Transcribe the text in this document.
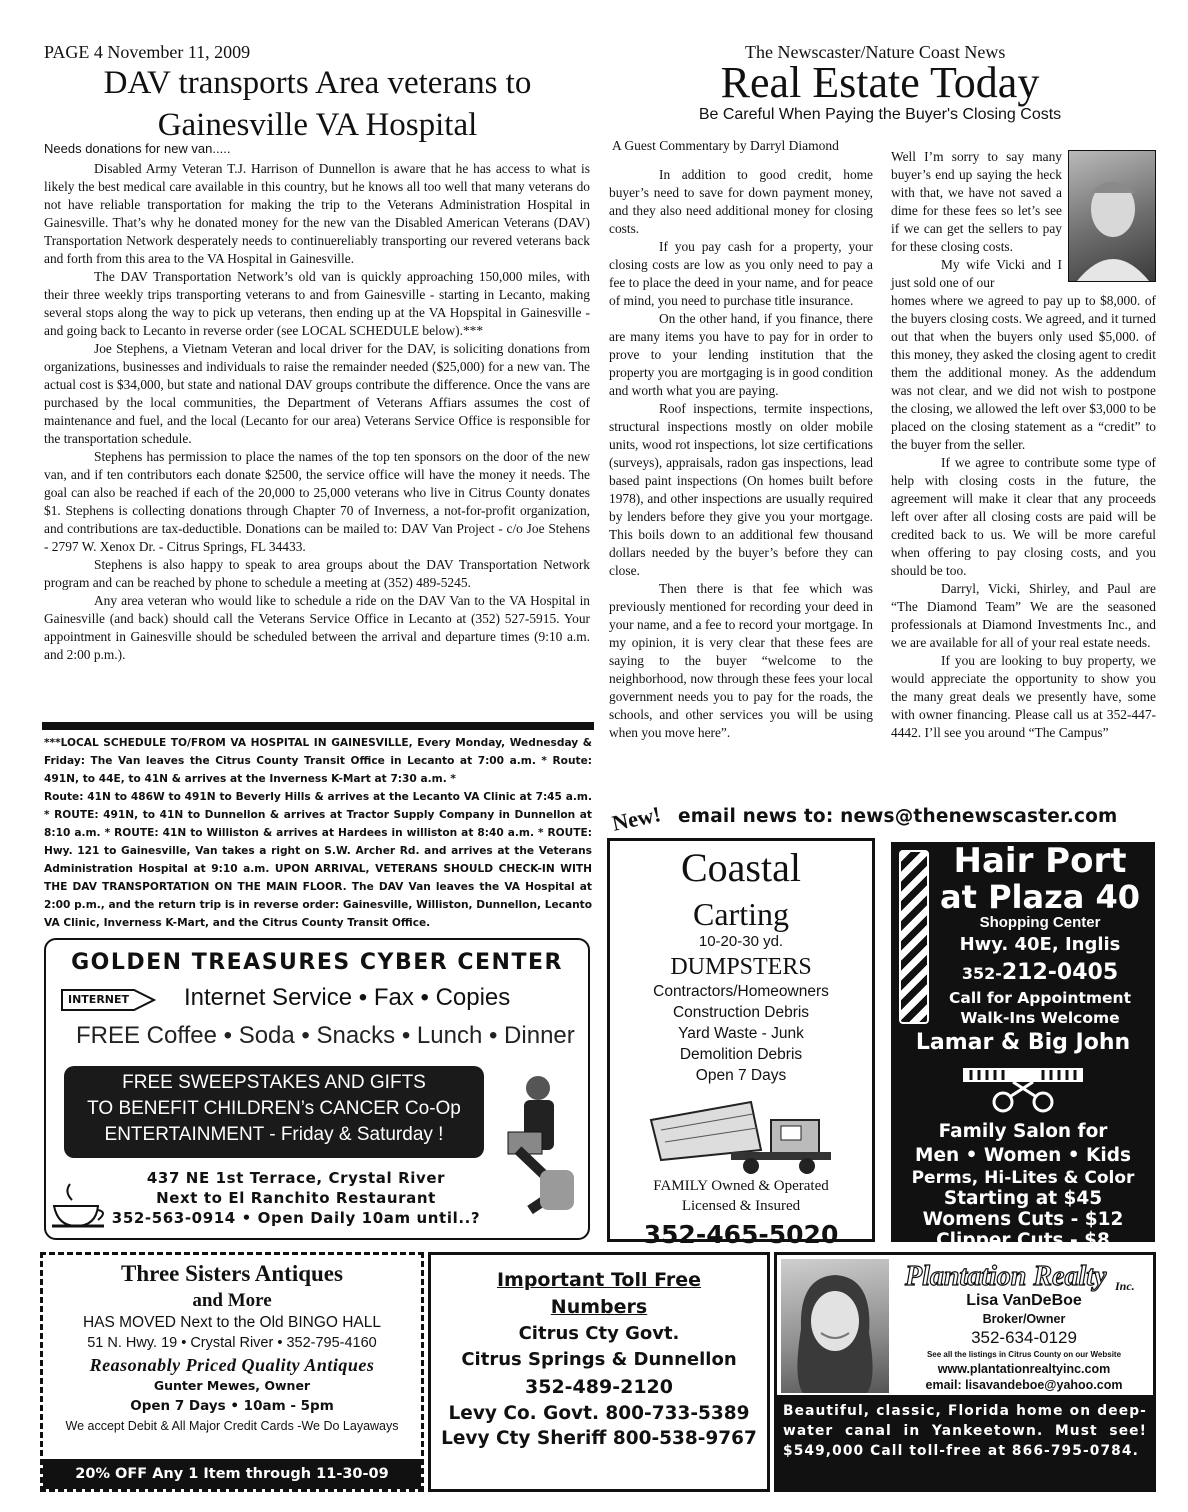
PAGE 4 November 11, 2009
DAV transports Area veterans to
Gainesville VA Hospital
Needs donations for new van.....

Disabled Army Veteran T.J. Harrison of Dunnellon is aware that he has access to what is likely the best medical care available in this country, but he knows all too well that many veterans do not have reliable transportation for making the trip to the Veterans Administration Hospital in Gainesville. That’s why he donated money for the new van the Disabled American Veterans (DAV) Transportation Network desperately needs to continuereliably transporting our revered veterans back and forth from this area to the VA Hospital in Gainesville.

The DAV Transportation Network’s old van is quickly approaching 150,000 miles, with their three weekly trips transporting veterans to and from Gainesville - starting in Lecanto, making several stops along the way to pick up veterans, then ending up at the VA Hopspital in Gainesville - and going back to Lecanto in reverse order (see LOCAL SCHEDULE below).***

Joe Stephens, a Vietnam Veteran and local driver for the DAV, is soliciting donations from organizations, businesses and individuals to raise the remainder needed ($25,000) for a new van. The actual cost is $34,000, but state and national DAV groups contribute the difference. Once the vans are purchased by the local communities, the Department of Veterans Affiars assumes the cost of maintenance and fuel, and the local (Lecanto for our area) Veterans Service Office is responsible for the transportation schedule.

Stephens has permission to place the names of the top ten sponsors on the door of the new van, and if ten contributors each donate $2500, the service office will have the money it needs. The goal can also be reached if each of the 20,000 to 25,000 veterans who live in Citrus County donates $1. Stephens is collecting donations through Chapter 70 of Inverness, a not-for-profit organization, and contributions are tax-deductible. Donations can be mailed to: DAV Van Project - c/o Joe Stehens - 2797 W. Xenox Dr. - Citrus Springs, FL 34433.

Stephens is also happy to speak to area groups about the DAV Transportation Network program and can be reached by phone to schedule a meeting at (352) 489-5245.

Any area veteran who would like to schedule a ride on the DAV Van to the VA Hospital in Gainesville (and back) should call the Veterans Service Office in Lecanto at (352) 527-5915. Your appointment in Gainesville should be scheduled between the arrival and departure times (9:10 a.m. and 2:00 p.m.).

***LOCAL SCHEDULE TO/FROM VA HOSPITAL IN GAINESVILLE, Every Monday, Wednesday & Friday: The Van leaves the Citrus County Transit Office in Lecanto at 7:00 a.m. * Route: 491N, to 44E, to 41N & arrives at the Inverness K-Mart at 7:30 a.m. *
Route: 41N to 486W to 491N to Beverly Hills & arrives at the Lecanto VA Clinic at 7:45 a.m. * ROUTE: 491N, to 41N to Dunnellon & arrives at Tractor Supply Company in Dunnellon at 8:10 a.m. * ROUTE: 41N to Williston & arrives at Hardees in williston at 8:40 a.m. * ROUTE: Hwy. 121 to Gainesville, Van takes a right on S.W. Archer Rd. and arrives at the Veterans Administration Hospital at 9:10 a.m. UPON ARRIVAL, VETERANS SHOULD CHECK-IN WITH THE DAV TRANSPORTATION ON THE MAIN FLOOR. The DAV Van leaves the VA Hospital at 2:00 p.m., and the return trip is in reverse order: Gainesville, Williston, Dunnellon, Lecanto VA Clinic, Inverness K-Mart, and the Citrus County Transit Office.
The Newscaster/Nature Coast News
Real Estate Today
Be Careful When Paying the Buyer's Closing Costs
A Guest Commentary by Darryl Diamond

In addition to good credit, home buyer’s need to save for down payment money, and they also need additional money for closing costs.

If you pay cash for a property, your closing costs are low as you only need to pay a fee to place the deed in your name, and for peace of mind, you need to purchase title insurance.

On the other hand, if you finance, there are many items you have to pay for in order to prove to your lending institution that the property you are mortgaging is in good condition and worth what you are paying.

Roof inspections, termite inspections, structural inspections mostly on older mobile units, wood rot inspections, lot size certifications (surveys), appraisals, radon gas inspections, lead based paint inspections (On homes built before 1978), and other inspections are usually required by lenders before they give you your mortgage. This boils down to an additional few thousand dollars needed by the buyer’s before they can close.

Then there is that fee which was previously mentioned for recording your deed in your name, and a fee to record your mortgage. In my opinion, it is very clear that these fees are saying to the buyer “welcome to the neighborhood, now through these fees your local government needs you to pay for the roads, the schools, and other services you will be using when you move here”.

Well I’m sorry to say many buyer’s end up saying the heck with that, we have not saved a dime for these fees so let’s see if we can get the sellers to pay for these closing costs.

My wife Vicki and I just sold one of our

homes where we agreed to pay up to $8,000. of the buyers closing costs. We agreed, and it turned out that when the buyers only used $5,000. of this money, they asked the closing agent to credit them the additional money. As the addendum was not clear, and we did not wish to postpone the closing, we allowed the left over $3,000 to be placed on the closing statement as a “credit” to the buyer from the seller.

If we agree to contribute some type of help with closing costs in the future, the agreement will make it clear that any proceeds left over after all closing costs are paid will be credited back to us. We will be more careful when offering to pay closing costs, and you should be too.

Darryl, Vicki, Shirley, and Paul are “The Diamond Team” We are the seasoned professionals at Diamond Investments Inc., and we are available for all of your real estate needs.

If you are looking to buy property, we would appreciate the opportunity to show you the many great deals we presently have, some with owner financing. Please call us at 352-447-4442. I’ll see you around “The Campus”

New! email news to: news@thenewscaster.com
GOLDEN TREASURES CYBER CENTER
INTERNET Internet Service • Fax • Copies
FREE Coffee • Soda • Snacks • Lunch • Dinner
FREE SWEEPSTAKES AND GIFTS
TO BENEFIT CHILDREN’s CANCER Co-Op
ENTERTAINMENT - Friday & Saturday !
437 NE 1st Terrace, Crystal River
Next to El Ranchito Restaurant
352-563-0914 • Open Daily 10am until..?
Coastal
Carting
10-20-30 yd.
DUMPSTERS
Contractors/Homeowners
Construction Debris
Yard Waste - Junk
Demolition Debris
Open 7 Days
FAMILY Owned & Operated
Licensed & Insured
352-465-5020
Hair Port
at Plaza 40
Shopping Center
Hwy. 40E, Inglis
352-212-0405
Call for Appointment
Walk-Ins Welcome
Lamar & Big John
Family Salon for
Men • Women • Kids
Perms, Hi-Lites & Color
Starting at $45
Womens Cuts - $12
Clipper Cuts - $8
Three Sisters Antiques
and More
HAS MOVED Next to the Old BINGO HALL
51 N. Hwy. 19 • Crystal River • 352-795-4160
Reasonably Priced Quality Antiques
Gunter Mewes, Owner
Open 7 Days • 10am - 5pm
We accept Debit & All Major Credit Cards -We Do Layaways
20% OFF Any 1 Item through 11-30-09
Important Toll Free
Numbers
Citrus Cty Govt.
Citrus Springs & Dunnellon
352-489-2120
Levy Co. Govt. 800-733-5389
Levy Cty Sheriff 800-538-9767
Plantation Realty Inc.
Lisa VanDeBoe
Broker/Owner
352-634-0129
See all the listings in Citrus County on our Website
www.plantationrealtyinc.com
email: lisavandeboe@yahoo.com
Beautiful, classic, Florida home on deep-water canal in Yankeetown. Must see! $549,000 Call toll-free at 866-795-0784.
